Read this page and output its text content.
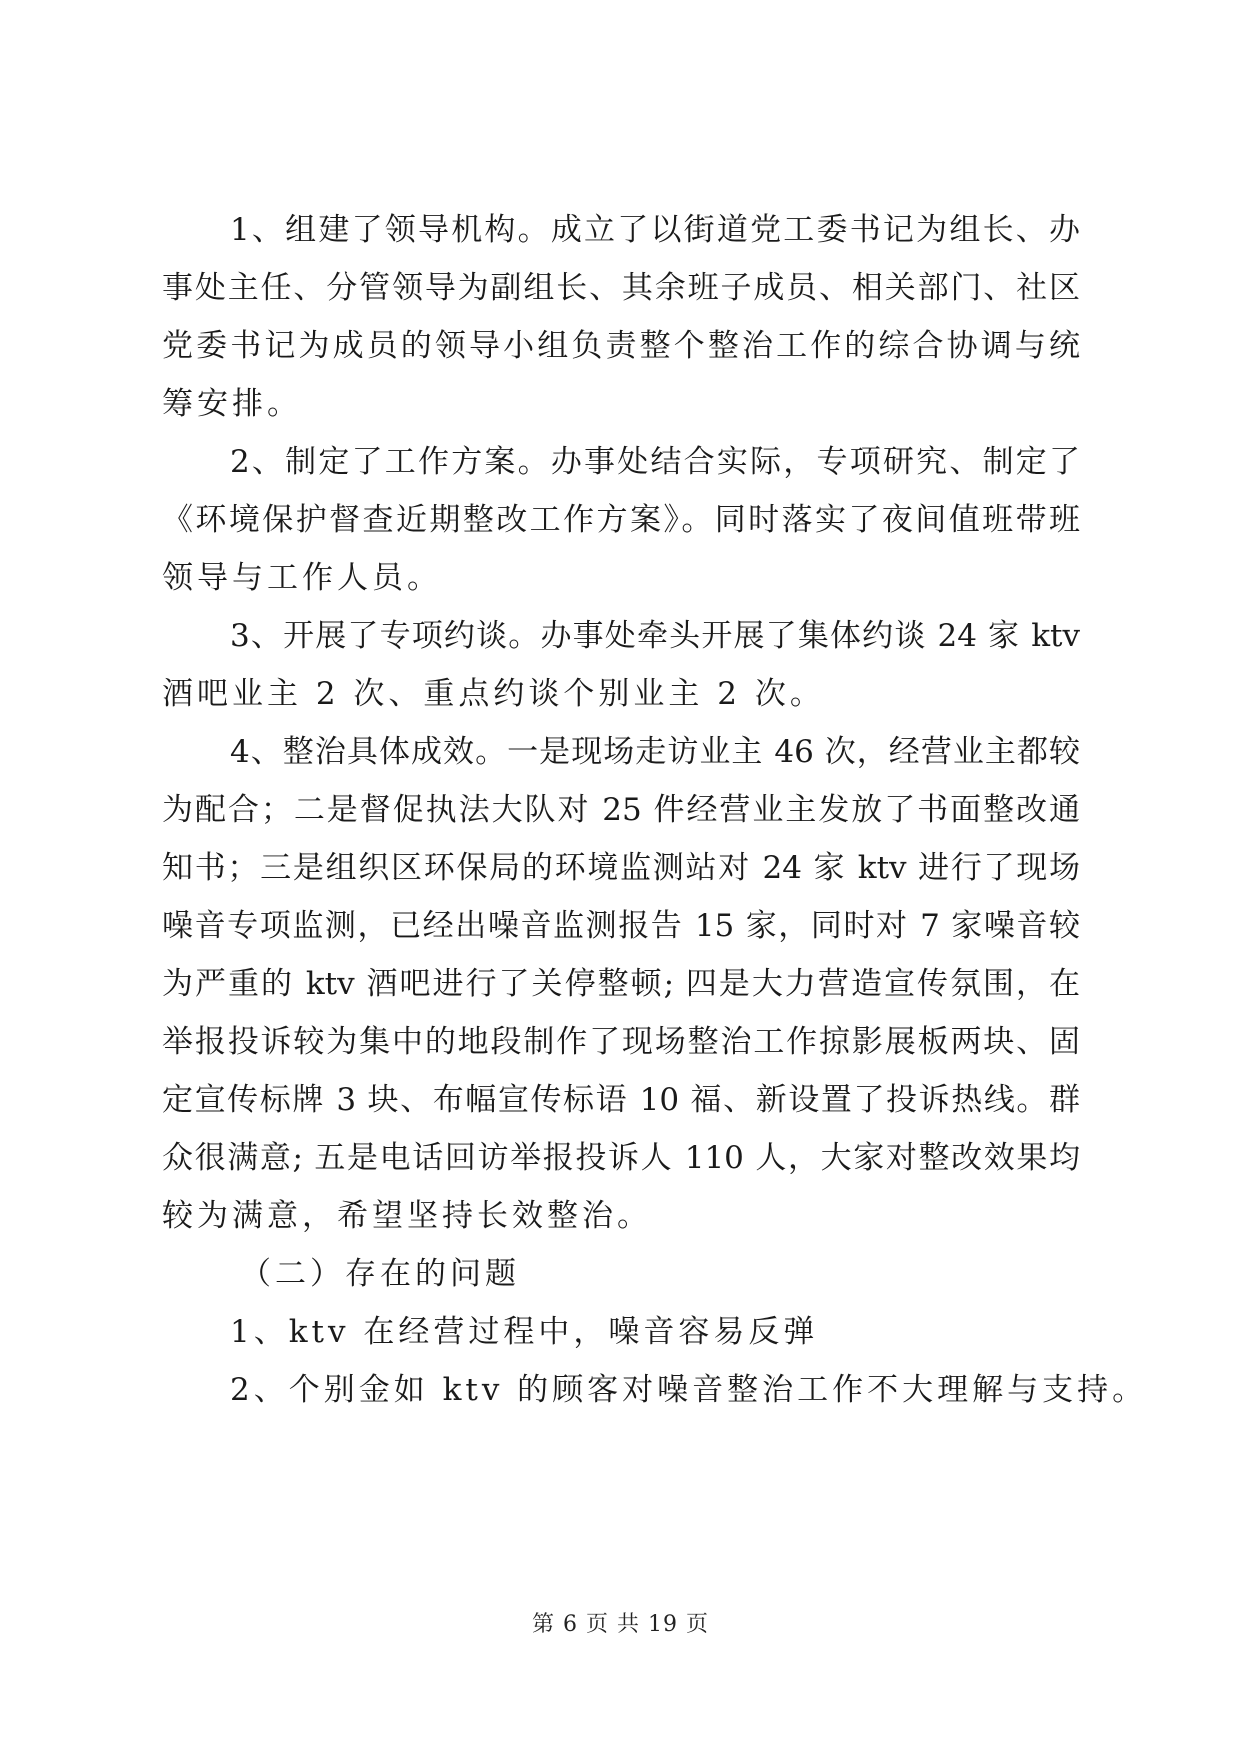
1、组建了领导机构。成立了以街道党工委书记为组长、办

事处主任、分管领导为副组长、其余班子成员、相关部门、社区

党委书记为成员的领导小组负责整个整治工作的综合协调与统

筹安排。

2、制定了工作方案。办事处结合实际，专项研究、制定了

《环境保护督查近期整改工作方案》。同时落实了夜间值班带班

领导与工作人员。

3、开展了专项约谈。办事处牵头开展了集体约谈 24 家 ktv

酒吧业主 2 次、重点约谈个别业主 2 次。

4、整治具体成效。一是现场走访业主 46 次，经营业主都较

为配合；二是督促执法大队对 25 件经营业主发放了书面整改通

知书；三是组织区环保局的环境监测站对 24 家 ktv 进行了现场

噪音专项监测，已经出噪音监测报告 15 家，同时对 7 家噪音较

为严重的 ktv 酒吧进行了关停整顿; 四是大力营造宣传氛围，在

举报投诉较为集中的地段制作了现场整治工作掠影展板两块、固

定宣传标牌 3 块、布幅宣传标语 10 福、新设置了投诉热线。群

众很满意; 五是电话回访举报投诉人 110 人，大家对整改效果均

较为满意，希望坚持长效整治。

（二）存在的问题

1、ktv 在经营过程中，噪音容易反弹

2、个别金如 ktv 的顾客对噪音整治工作不大理解与支持。

第 6 页 共 19 页
